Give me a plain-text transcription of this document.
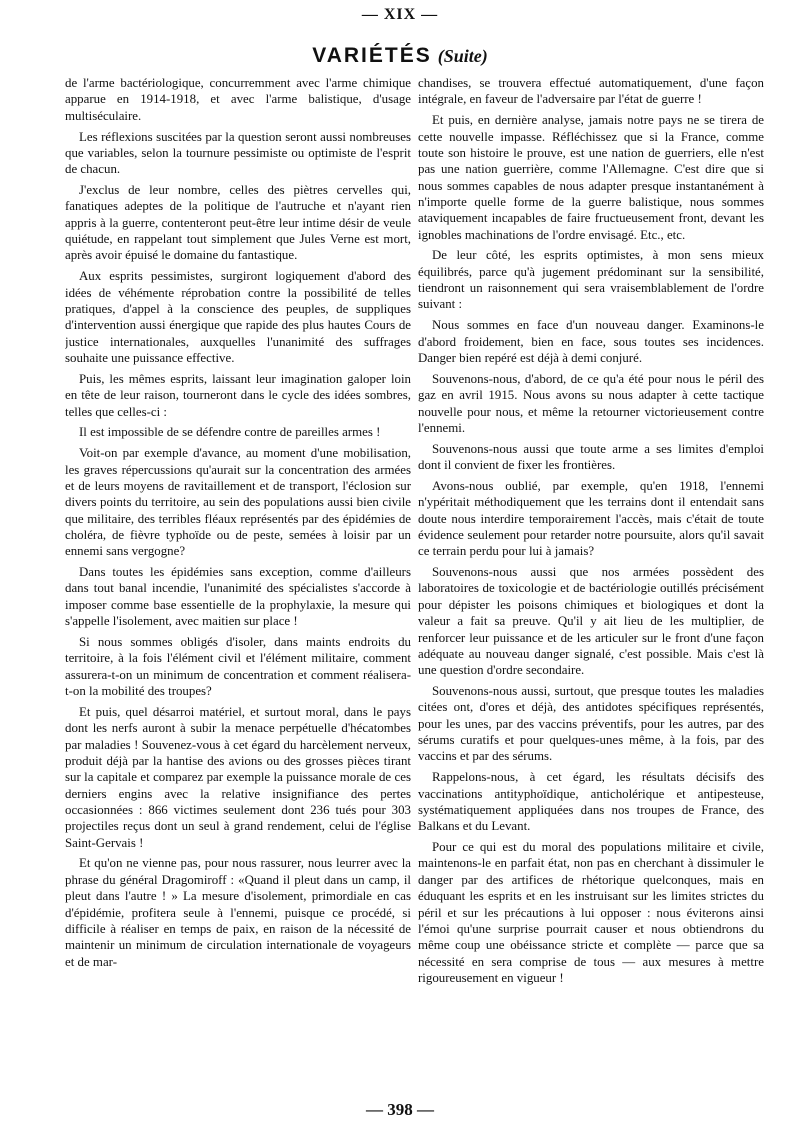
— XIX —
VARIÉTÉS (Suite)

de l'arme bactériologique, concurremment avec l'arme chimique apparue en 1914-1918, et avec l'arme balistique, d'usage multiséculaire.

Les réflexions suscitées par la question seront aussi nombreuses que variables, selon la tournure pessimiste ou optimiste de l'esprit de chacun.

J'exclus de leur nombre, celles des piètres cervelles qui, fanatiques adeptes de la politique de l'autruche et n'ayant rien appris à la guerre, contenteront peut-être leur intime désir de veule quiétude, en rappelant tout simplement que Jules Verne est mort, après avoir épuisé le domaine du fantastique.

Aux esprits pessimistes, surgiront logiquement d'abord des idées de véhémente réprobation contre la possibilité de telles pratiques, d'appel à la conscience des peuples, de suppliques d'intervention aussi énergique que rapide des plus hautes Cours de justice internationales, auxquelles l'unanimité des suffrages souhaite une puissance effective.

Puis, les mêmes esprits, laissant leur imagination galoper loin en tête de leur raison, tourneront dans le cycle des idées sombres, telles que celles-ci :

Il est impossible de se défendre contre de pareilles armes !

Voit-on par exemple d'avance, au moment d'une mobilisation, les graves répercussions qu'aurait sur la concentration des armées et de leurs moyens de ravitaillement et de transport, l'éclosion sur divers points du territoire, au sein des populations aussi bien civile que militaire, des terribles fléaux représentés par des épidémies de choléra, de fièvre typhoïde ou de peste, semées à loisir par un ennemi sans vergogne?

Dans toutes les épidémies sans exception, comme d'ailleurs dans tout banal incendie, l'unanimité des spécialistes s'accorde à imposer comme base essentielle de la prophylaxie, la mesure qui s'appelle l'isolement, avec maitien sur place !

Si nous sommes obligés d'isoler, dans maints endroits du territoire, à la fois l'élément civil et l'élément militaire, comment assurera-t-on un minimum de concentration et comment réalisera-t-on la mobilité des troupes?

Et puis, quel désarroi matériel, et surtout moral, dans le pays dont les nerfs auront à subir la menace perpétuelle d'hécatombes par maladies ! Souvenez-vous à cet égard du harcèlement nerveux, produit déjà par la hantise des avions ou des grosses pièces tirant sur la capitale et comparez par exemple la puissance morale de ces derniers engins avec la relative insignifiance des pertes occasionnées : 866 victimes seulement dont 236 tués pour 303 projectiles reçus dont un seul à grand rendement, celui de l'église Saint-Gervais !

Et qu'on ne vienne pas, pour nous rassurer, nous leurrer avec la phrase du général Dragomiroff : «Quand il pleut dans un camp, il pleut dans l'autre ! » La mesure d'isolement, primordiale en cas d'épidémie, profitera seule à l'ennemi, puisque ce procédé, si difficile à réaliser en temps de paix, en raison de la nécessité de maintenir un minimum de circulation internationale de voyageurs et de mar-

chandises, se trouvera effectué automatiquement, d'une façon intégrale, en faveur de l'adversaire par l'état de guerre !

Et puis, en dernière analyse, jamais notre pays ne se tirera de cette nouvelle impasse. Réfléchissez que si la France, comme toute son histoire le prouve, est une nation de guerriers, elle n'est pas une nation guerrière, comme l'Allemagne. C'est dire que si nous sommes capables de nous adapter presque instantanément à n'importe quelle forme de la guerre balistique, nous sommes ataviquement incapables de faire fructueusement front, devant les ignobles machinations de l'ordre envisagé. Etc., etc.

De leur côté, les esprits optimistes, à mon sens mieux équilibrés, parce qu'à jugement prédominant sur la sensibilité, tiendront un raisonnement qui sera vraisemblablement de l'ordre suivant :

Nous sommes en face d'un nouveau danger. Examinons-le d'abord froidement, bien en face, sous toutes ses incidences. Danger bien repéré est déjà à demi conjuré.

Souvenons-nous, d'abord, de ce qu'a été pour nous le péril des gaz en avril 1915. Nous avons su nous adapter à cette tactique nouvelle pour nous, et même la retourner victorieusement contre l'ennemi.

Souvenons-nous aussi que toute arme a ses limites d'emploi dont il convient de fixer les frontières.

Avons-nous oublié, par exemple, qu'en 1918, l'ennemi n'ypéritait méthodiquement que les terrains dont il entendait sans doute nous interdire temporairement l'accès, mais c'était de toute évidence seulement pour retarder notre poursuite, alors qu'il savait ce terrain perdu pour lui à jamais?

Souvenons-nous aussi que nos armées possèdent des laboratoires de toxicologie et de bactériologie outillés précisément pour dépister les poisons chimiques et biologiques et dont la valeur a fait sa preuve. Qu'il y ait lieu de les multiplier, de renforcer leur puissance et de les articuler sur le front d'une façon adéquate au nouveau danger signalé, c'est possible. Mais c'est là une question d'ordre secondaire.

Souvenons-nous aussi, surtout, que presque toutes les maladies citées ont, d'ores et déjà, des antidotes spécifiques représentés, pour les unes, par des vaccins préventifs, pour les autres, par des sérums curatifs et pour quelques-unes même, à la fois, par des vaccins et par des sérums.

Rappelons-nous, à cet égard, les résultats décisifs des vaccinations antityphoïdique, anticholérique et antipesteuse, systématiquement appliquées dans nos troupes de France, des Balkans et du Levant.

Pour ce qui est du moral des populations militaire et civile, maintenons-le en parfait état, non pas en cherchant à dissimuler le danger par des artifices de rhétorique quelconques, mais en éduquant les esprits et en les instruisant sur les limites strictes du péril et sur les précautions à lui opposer : nous éviterons ainsi l'émoi qu'une surprise pourrait causer et nous obtiendrons du même coup une obéissance stricte et complète — parce que sa nécessité en sera comprise de tous — aux mesures à mettre rigoureusement en vigueur !

— 398 —
